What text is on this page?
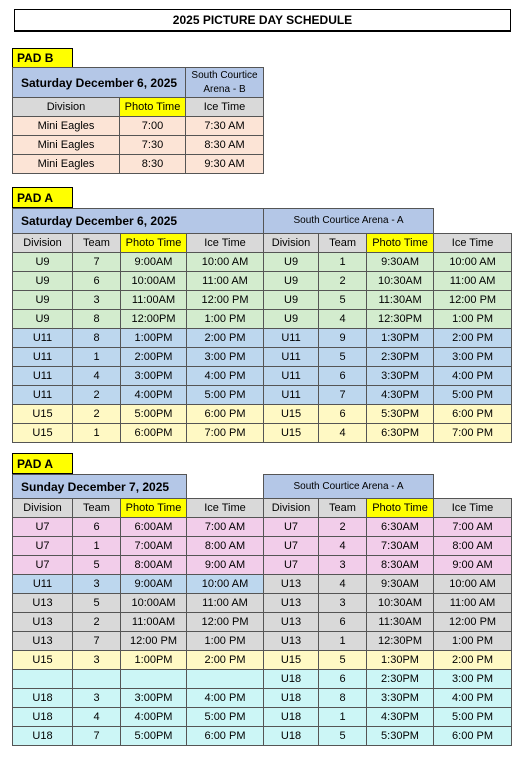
2025 PICTURE DAY SCHEDULE
PAD B
Saturday December 6, 2025		South Courtice Arena - B
Division	Photo Time	Ice Time
Mini Eagles	7:00	7:30 AM
Mini Eagles	7:30	8:30 AM
Mini Eagles	8:30	9:30 AM
PAD A
Saturday December 6, 2025				South Courtice Arena - A			
Division	Team	Photo Time	Ice Time	Division	Team	Photo Time	Ice Time
U9	7	9:00AM	10:00 AM	U9	1	9:30AM	10:00 AM
U9	6	10:00AM	11:00 AM	U9	2	10:30AM	11:00 AM
U9	3	11:00AM	12:00 PM	U9	5	11:30AM	12:00 PM
U9	8	12:00PM	1:00 PM	U9	4	12:30PM	1:00 PM
U11	8	1:00PM	2:00 PM	U11	9	1:30PM	2:00 PM
U11	1	2:00PM	3:00 PM	U11	5	2:30PM	3:00 PM
U11	4	3:00PM	4:00 PM	U11	6	3:30PM	4:00 PM
U11	2	4:00PM	5:00 PM	U11	7	4:30PM	5:00 PM
U15	2	5:00PM	6:00 PM	U15	6	5:30PM	6:00 PM
U15	1	6:00PM	7:00 PM	U15	4	6:30PM	7:00 PM
PAD A
Sunday December 7, 2025				South Courtice Arena - A			
Division	Team	Photo Time	Ice Time	Division	Team	Photo Time	Ice Time
U7	6	6:00AM	7:00 AM	U7	2	6:30AM	7:00 AM
U7	1	7:00AM	8:00 AM	U7	4	7:30AM	8:00 AM
U7	5	8:00AM	9:00 AM	U7	3	8:30AM	9:00 AM
U11	3	9:00AM	10:00 AM	U13	4	9:30AM	10:00 AM
U13	5	10:00AM	11:00 AM	U13	3	10:30AM	11:00 AM
U13	2	11:00AM	12:00 PM	U13	6	11:30AM	12:00 PM
U13	7	12:00 PM	1:00 PM	U13	1	12:30PM	1:00 PM
U15	3	1:00PM	2:00 PM	U15	5	1:30PM	2:00 PM
				U18	6	2:30PM	3:00 PM
U18	3	3:00PM	4:00 PM	U18	8	3:30PM	4:00 PM
U18	4	4:00PM	5:00 PM	U18	1	4:30PM	5:00 PM
U18	7	5:00PM	6:00 PM	U18	5	5:30PM	6:00 PM
